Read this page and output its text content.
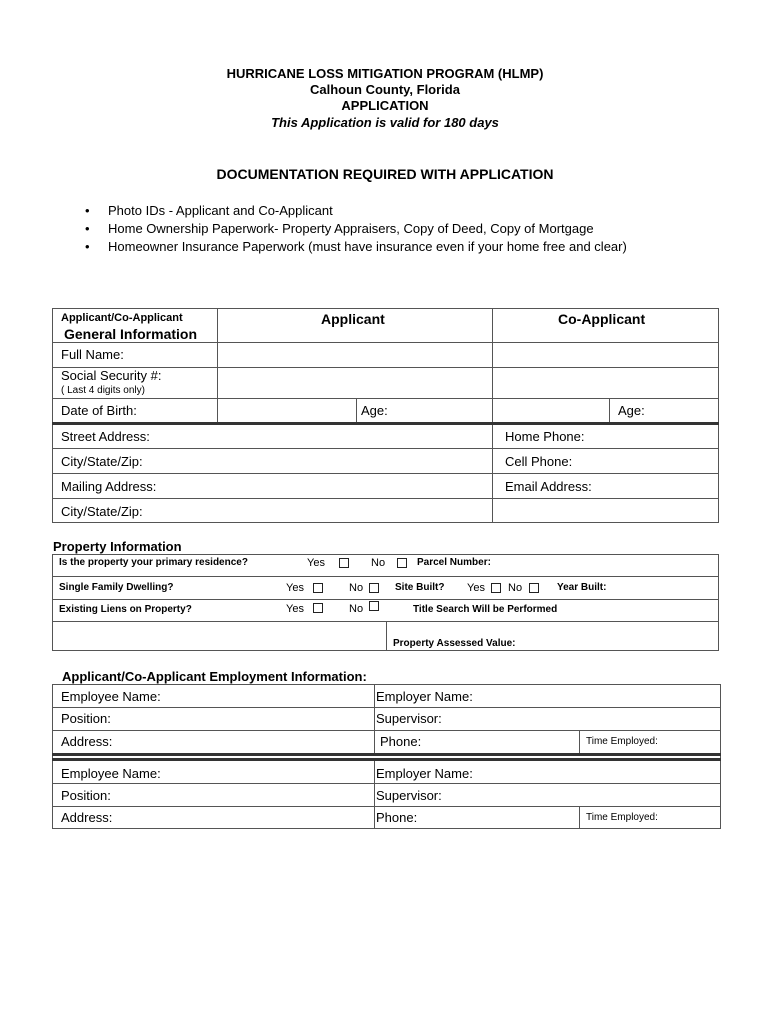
HURRICANE LOSS MITIGATION PROGRAM (HLMP)
Calhoun County, Florida
APPLICATION
This Application is valid for 180 days
DOCUMENTATION REQUIRED WITH APPLICATION
• Photo IDs - Applicant and Co-Applicant
• Home Ownership Paperwork- Property Appraisers, Copy of Deed, Copy of Mortgage
• Homeowner Insurance Paperwork (must have insurance even if your home free and clear)
Applicant/Co-Applicant
General Information
Applicant	Co-Applicant
Full Name:
Social Security #:
( Last 4 digits only)
Date of Birth:	Age:	Age:
Street Address:	Home Phone:
City/State/Zip:	Cell Phone:
Mailing Address:	Email Address:
City/State/Zip:
Property Information
Is the property your primary residence?	Yes	No	Parcel Number:
Single Family Dwelling?	Yes	No	Site Built? Yes No	Year Built:
Existing Liens on Property?	Yes	No	Title Search Will be Performed
Property Assessed Value:
Applicant/Co-Applicant Employment Information:
Employee Name:	Employer Name:
Position:	Supervisor:
Address:	Phone:	Time Employed:
Employee Name:	Employer Name:
Position:	Supervisor:
Address:	Phone:	Time Employed:
